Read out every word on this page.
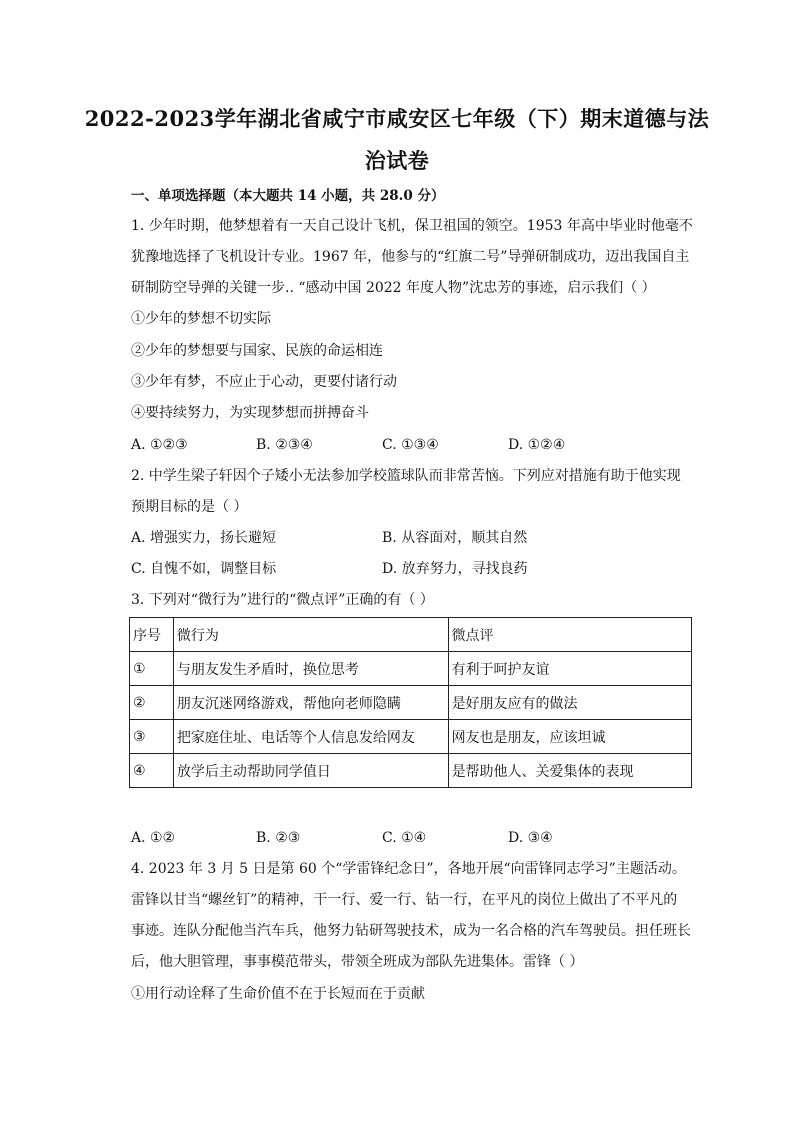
2022-2023学年湖北省咸宁市咸安区七年级（下）期末道德与法
治试卷
一、单项选择题（本大题共 14 小题，共 28.0 分）
1. 少年时期，他梦想着有一天自己设计飞机，保卫祖国的领空。1953 年高中毕业时他毫不
犹豫地选择了飞机设计专业。1967 年，他参与的“红旗二号”导弹研制成功，迈出我国自主
研制防空导弹的关键一步.. “感动中国 2022 年度人物”沈忠芳的事迹，启示我们（ ）
①少年的梦想不切实际
②少年的梦想要与国家、民族的命运相连
③少年有梦，不应止于心动，更要付诸行动
④要持续努力，为实现梦想而拼搏奋斗
A. ①②③	B. ②③④	C. ①③④	D. ①②④
2. 中学生梁子轩因个子矮小无法参加学校篮球队而非常苦恼。下列应对措施有助于他实现
预期目标的是（ ）
A. 增强实力，扬长避短	B. 从容面对，顺其自然
C. 自愧不如，调整目标	D. 放弃努力，寻找良药
3. 下列对“微行为”进行的“微点评”正确的有（ ）
序号	微行为	微点评
①	与朋友发生矛盾时，换位思考	有利于呵护友谊
②	朋友沉迷网络游戏，帮他向老师隐瞒	是好朋友应有的做法
③	把家庭住址、电话等个人信息发给网友	网友也是朋友，应该坦诚
④	放学后主动帮助同学值日	是帮助他人、关爱集体的表现
A. ①②	B. ②③	C. ①④	D. ③④
4. 2023 年 3 月 5 日是第 60 个“学雷锋纪念日”，各地开展“向雷锋同志学习”主题活动。
雷锋以甘当“螺丝钉”的精神，干一行、爱一行、钻一行，在平凡的岗位上做出了不平凡的
事迹。连队分配他当汽车兵，他努力钻研驾驶技术，成为一名合格的汽车驾驶员。担任班长
后，他大胆管理，事事模范带头，带领全班成为部队先进集体。雷锋（ ）
①用行动诠释了生命价值不在于长短而在于贡献
